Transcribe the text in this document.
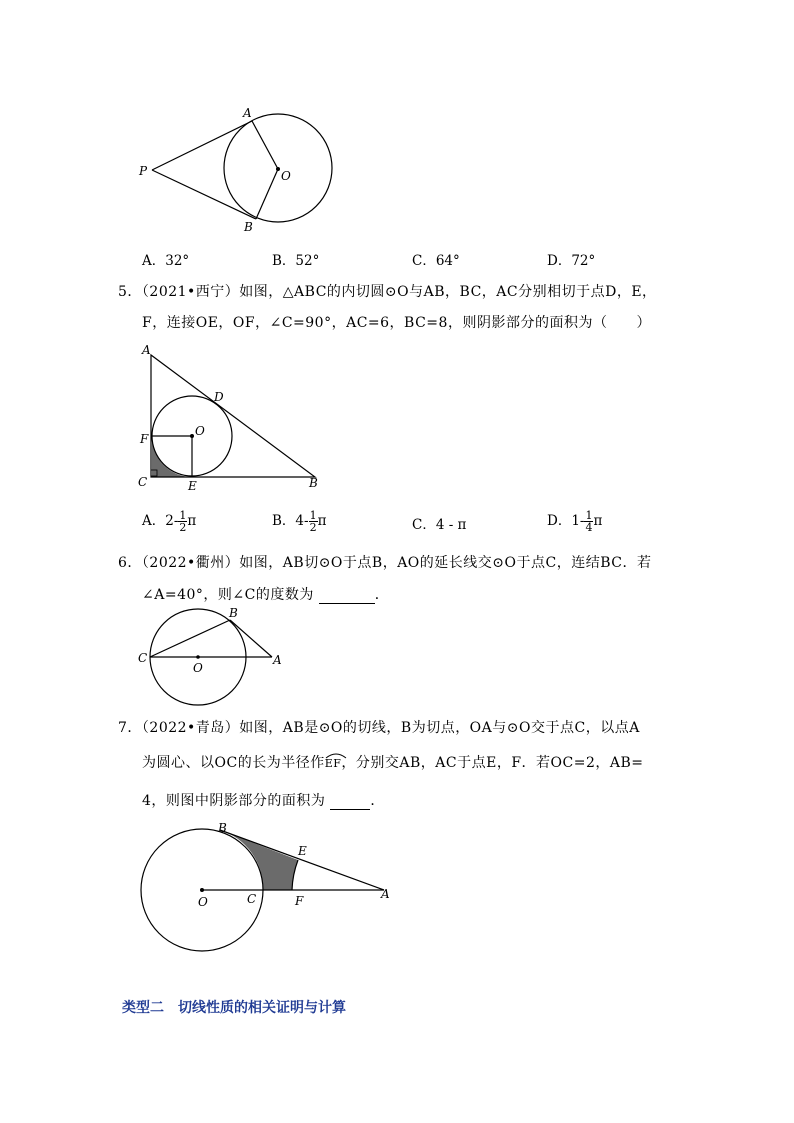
A
P	O
B
A．32°	B．52°	C．64°	D．72°
5．（2021•西宁）如图，△ABC的内切圆⊙O与AB，BC，AC分别相切于点D，E，
F，连接OE，OF，∠C=90°，AC=6，BC=8，则阴影部分的面积为（　　）
A
D
O
F
C	E	B
A．$2- \frac{1}{2}$ π	B．$4- \frac{1}{2}$ π	C．4 - π	D．$1- \frac{1}{4}$ π
6．（2022•衢州）如图，AB切⊙O于点B，AO的延长线交⊙O于点C，连结BC．若
∠A=40°，则∠C的度数为	．
B
C	A
O
7．（2022•青岛）如图，AB是⊙O的切线，B为切点，OA与⊙O交于点C，以点A
为圆心、以OC的长为半径作
EF，分别交AB，AC于点E，F．若OC=2，AB=
4，则图中阴影部分的面积为	．
B
E
O	C	F	A
类型二　切线性质的相关证明与计算
